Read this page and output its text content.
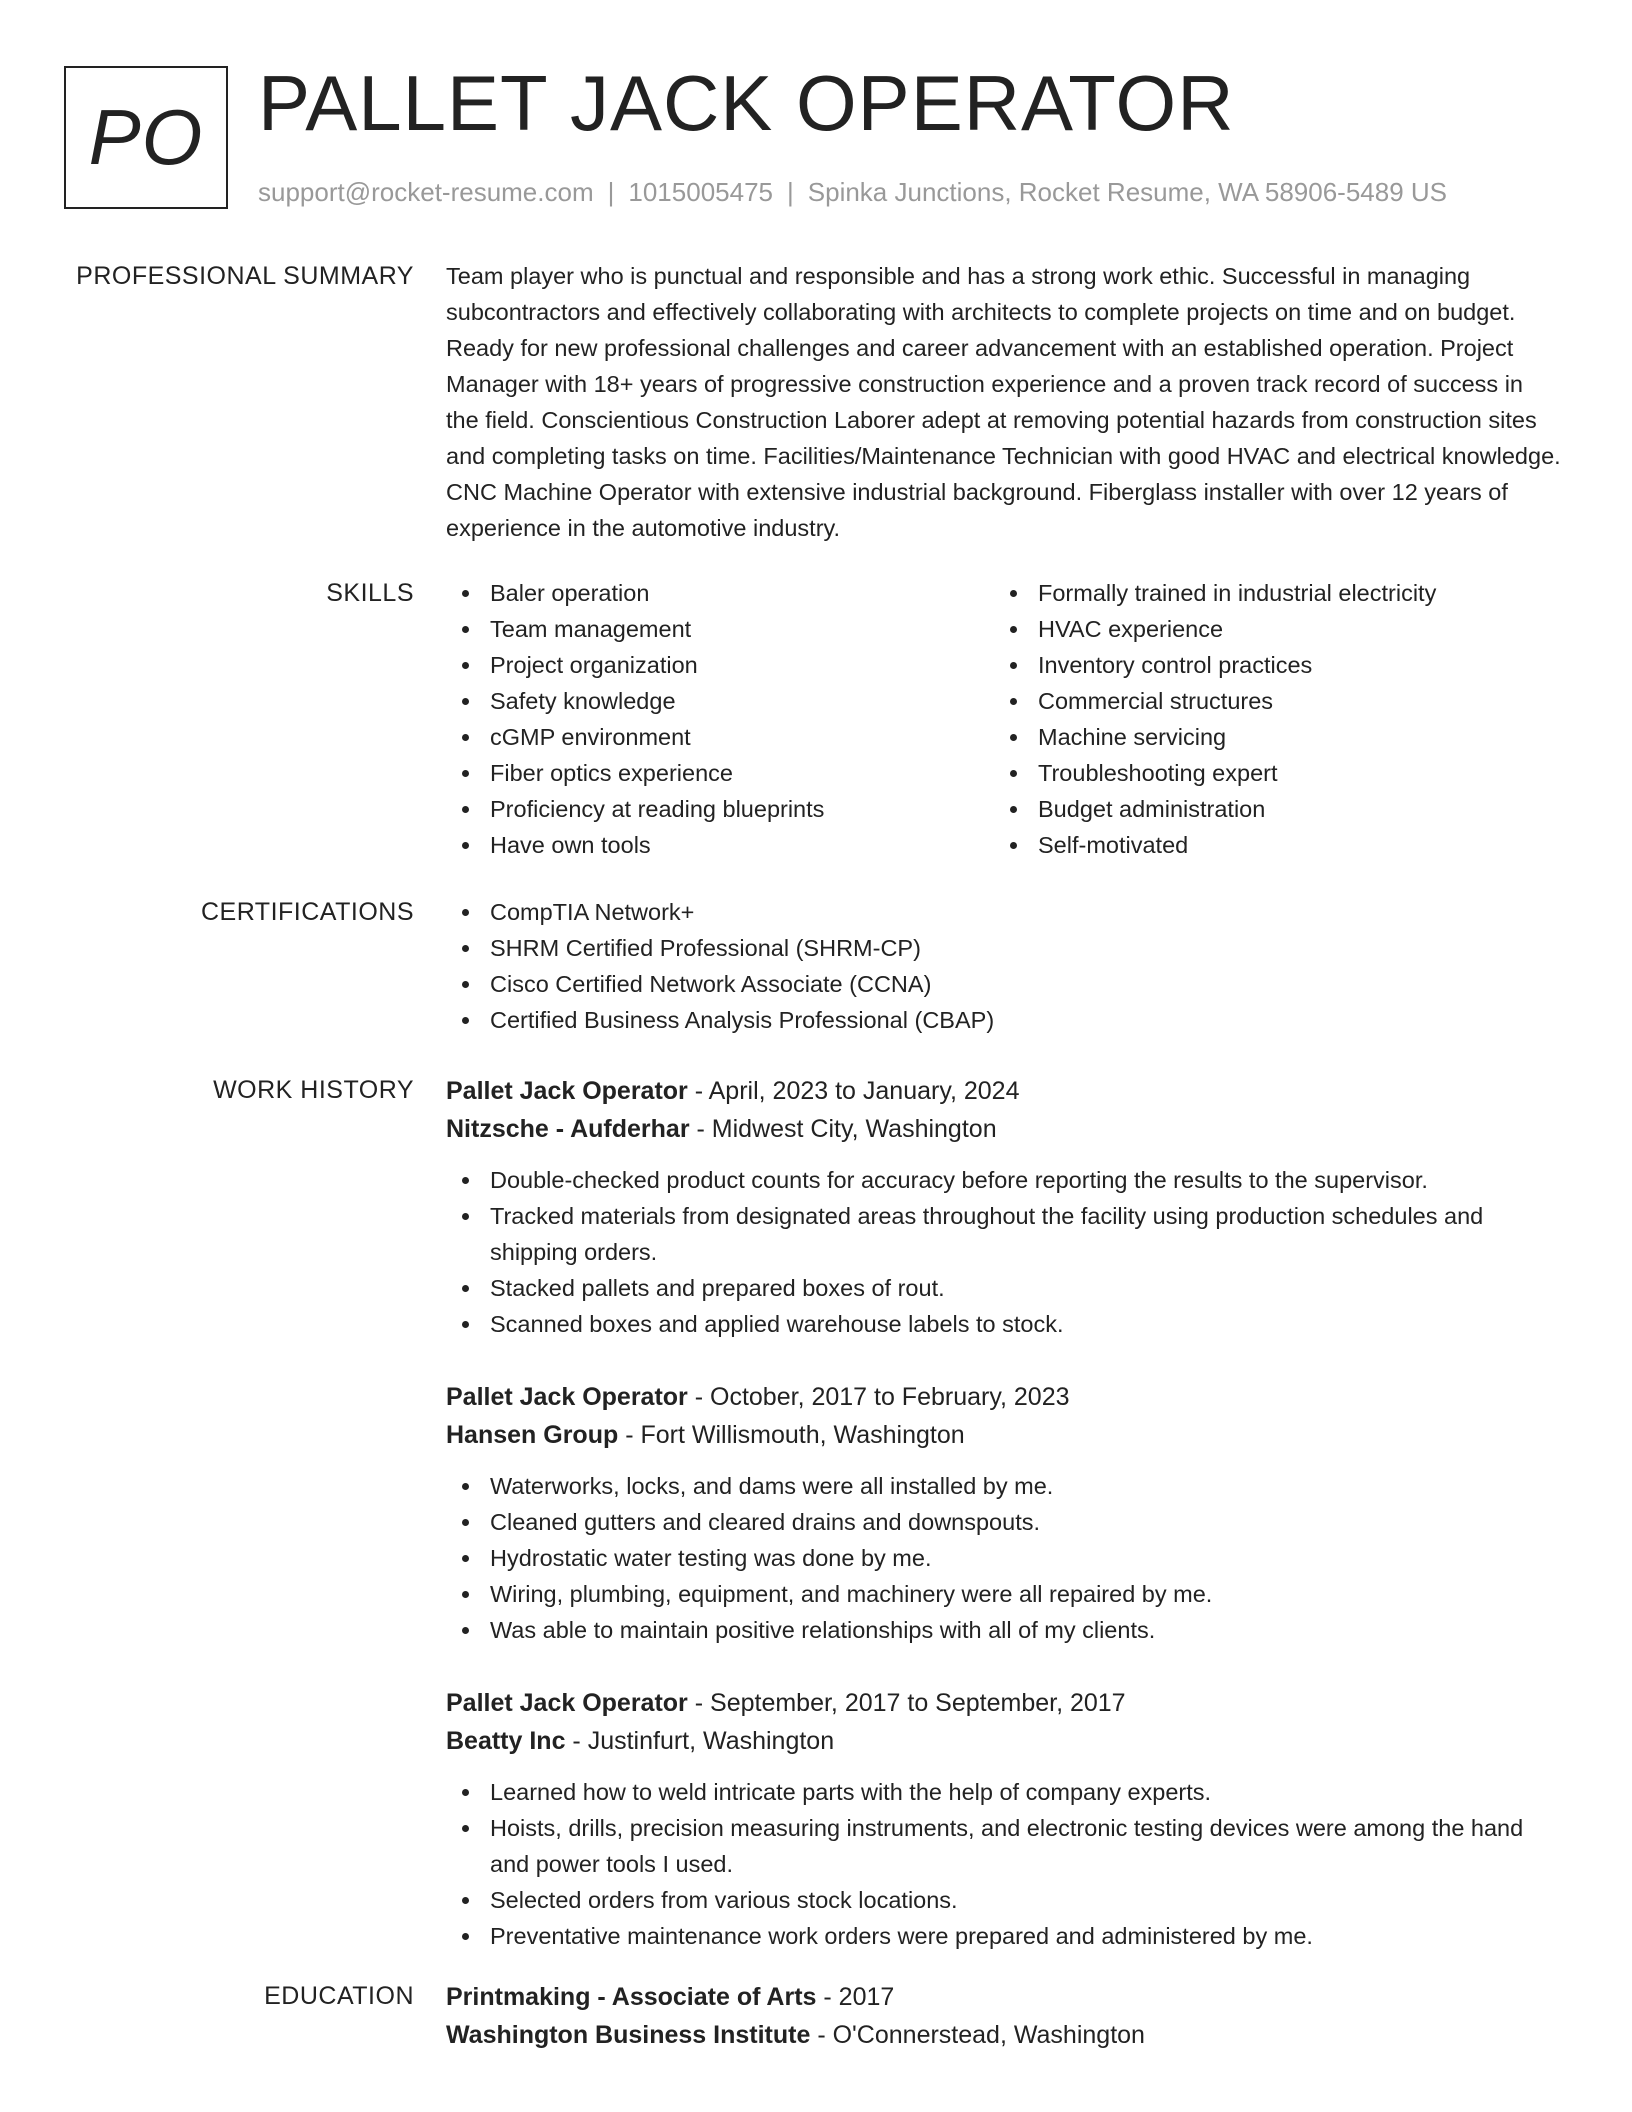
PO PALLET JACK OPERATOR
support@rocket-resume.com | 1015005475 | Spinka Junctions, Rocket Resume, WA 58906-5489 US
PROFESSIONAL SUMMARY Team player who is punctual and responsible and has a strong work ethic. Successful in managing subcontractors and effectively collaborating with architects to complete projects on time and on budget. Ready for new professional challenges and career advancement with an established operation. Project Manager with 18+ years of progressive construction experience and a proven track record of success in the field. Conscientious Construction Laborer adept at removing potential hazards from construction sites and completing tasks on time. Facilities/Maintenance Technician with good HVAC and electrical knowledge. CNC Machine Operator with extensive industrial background. Fiberglass installer with over 12 years of experience in the automotive industry.
SKILLS	Baler operation
Team management
Project organization
Safety knowledge
cGMP environment
Fiber optics experience
Proficiency at reading blueprints
Have own tools
Formally trained in industrial electricity
HVAC experience
Inventory control practices
Commercial structures
Machine servicing
Troubleshooting expert
Budget administration
Self-motivated
CERTIFICATIONS	CompTIA Network+
SHRM Certified Professional (SHRM-CP)
Cisco Certified Network Associate (CCNA)
Certified Business Analysis Professional (CBAP)
WORK HISTORY Pallet Jack Operator - April, 2023 to January, 2024
Nitzsche - Aufderhar - Midwest City, Washington
Double-checked product counts for accuracy before reporting the results to the supervisor.
Tracked materials from designated areas throughout the facility using production schedules and shipping orders.
Stacked pallets and prepared boxes of rout.
Scanned boxes and applied warehouse labels to stock.
Pallet Jack Operator - October, 2017 to February, 2023
Hansen Group - Fort Willismouth, Washington
Waterworks, locks, and dams were all installed by me.
Cleaned gutters and cleared drains and downspouts.
Hydrostatic water testing was done by me.
Wiring, plumbing, equipment, and machinery were all repaired by me.
Was able to maintain positive relationships with all of my clients.
Pallet Jack Operator - September, 2017 to September, 2017
Beatty Inc - Justinfurt, Washington
Learned how to weld intricate parts with the help of company experts.
Hoists, drills, precision measuring instruments, and electronic testing devices were among the hand and power tools I used.
Selected orders from various stock locations.
Preventative maintenance work orders were prepared and administered by me.
EDUCATION Printmaking - Associate of Arts - 2017
Washington Business Institute - O'Connerstead, Washington
